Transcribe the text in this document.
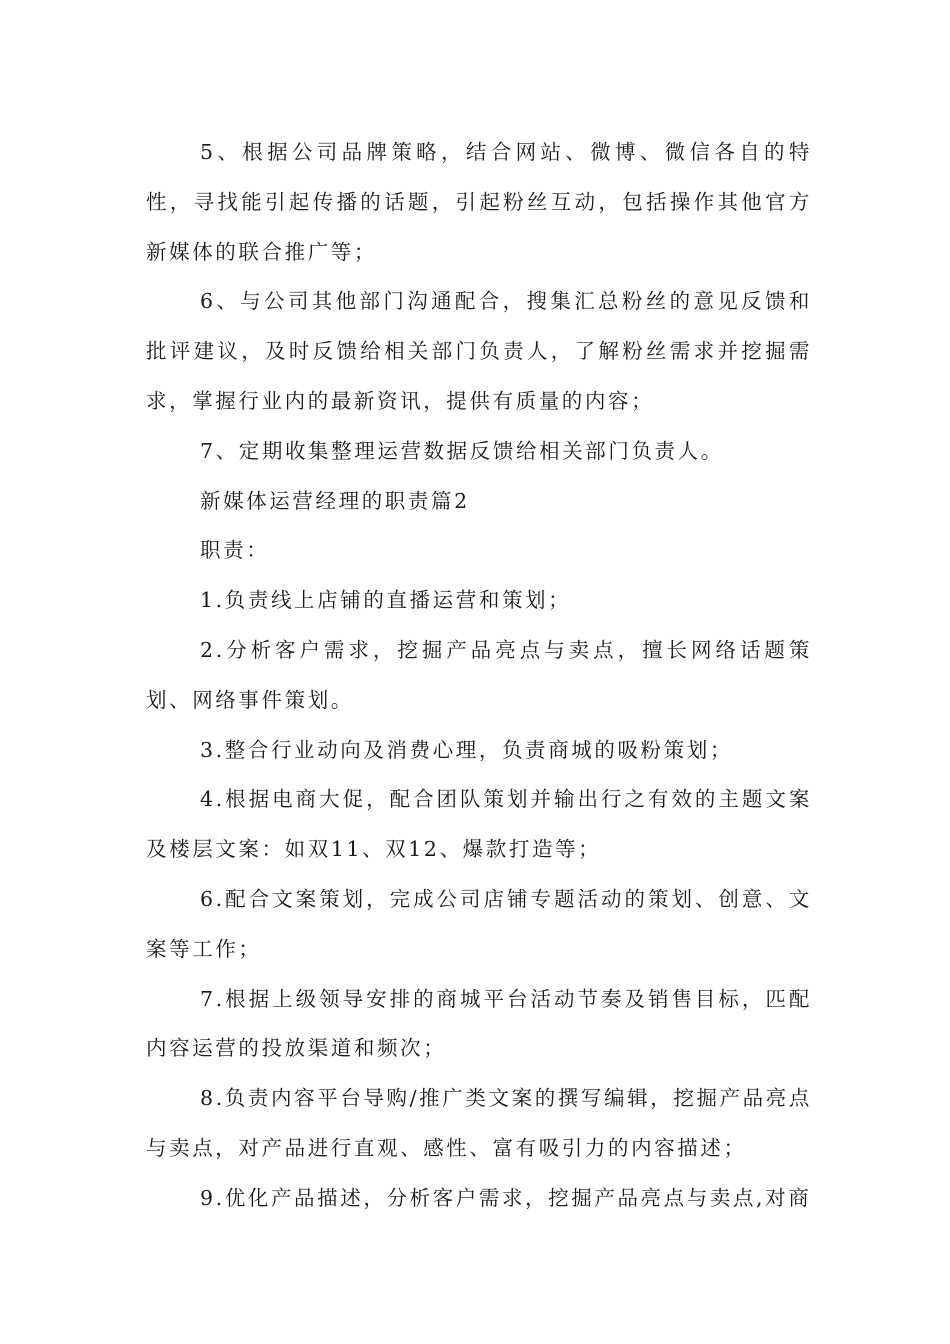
5、根据公司品牌策略，结合网站、微博、微信各自的特性，寻找能引起传播的话题，引起粉丝互动，包括操作其他官方新媒体的联合推广等；

6、与公司其他部门沟通配合，搜集汇总粉丝的意见反馈和批评建议，及时反馈给相关部门负责人，了解粉丝需求并挖掘需求，掌握行业内的最新资讯，提供有质量的内容；

7、定期收集整理运营数据反馈给相关部门负责人。

新媒体运营经理的职责篇2

职责：

1.负责线上店铺的直播运营和策划；

2.分析客户需求，挖掘产品亮点与卖点，擅长网络话题策划、网络事件策划。

3.整合行业动向及消费心理，负责商城的吸粉策划；

4.根据电商大促，配合团队策划并输出行之有效的主题文案及楼层文案：如双11、双12、爆款打造等；

6.配合文案策划，完成公司店铺专题活动的策划、创意、文案等工作；

7.根据上级领导安排的商城平台活动节奏及销售目标，匹配内容运营的投放渠道和频次；

8.负责内容平台导购/推广类文案的撰写编辑，挖掘产品亮点与卖点，对产品进行直观、感性、富有吸引力的内容描述；

9.优化产品描述，分析客户需求，挖掘产品亮点与卖点,对商
